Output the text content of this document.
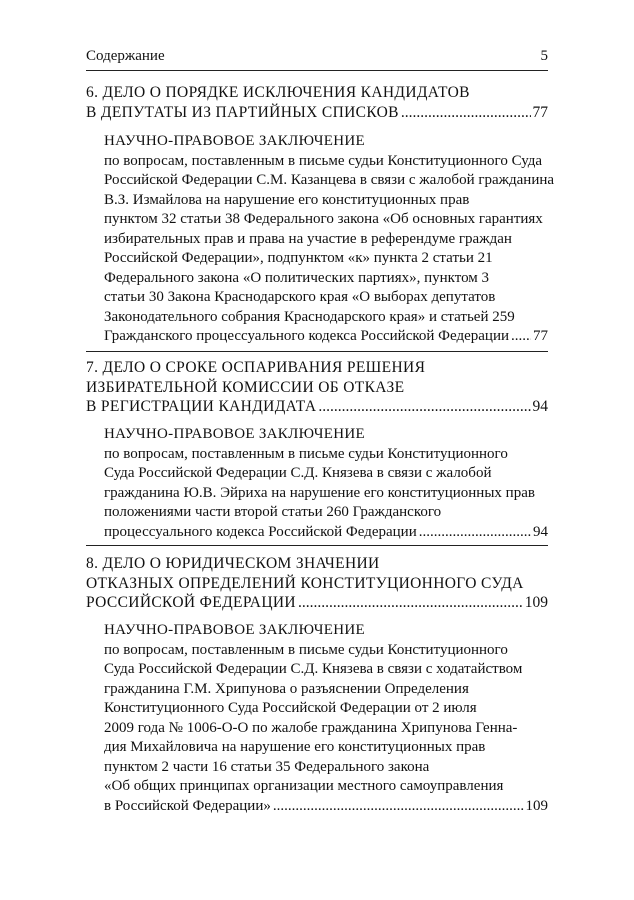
Содержание	5
6. ДЕЛО О ПОРЯДКЕ ИСКЛЮЧЕНИЯ КАНДИДАТОВ
В ДЕПУТАТЫ ИЗ ПАРТИЙНЫХ СПИСКОВ .....	77
НАУЧНО-ПРАВОВОЕ ЗАКЛЮЧЕНИЕ
по вопросам, поставленным в письме судьи Конституционного Суда
Российской Федерации С.М. Казанцева в связи с жалобой гражданина
В.З. Измайлова на нарушение его конституционных прав
пунктом 32 статьи 38 Федерального закона «Об основных гарантиях
избирательных прав и права на участие в референдуме граждан
Российской Федерации», подпунктом «к» пункта 2 статьи 21
Федерального закона «О политических партиях», пунктом 3
статьи 30 Закона Краснодарского края «О выборах депутатов
Законодательного собрания Краснодарского края» и статьей 259
Гражданского процессуального кодекса Российской Федерации ..... 77
7. ДЕЛО О СРОКЕ ОСПАРИВАНИЯ РЕШЕНИЯ
ИЗБИРАТЕЛЬНОЙ КОМИССИИ ОБ ОТКАЗЕ
В РЕГИСТРАЦИИ КАНДИДАТА .....	94
НАУЧНО-ПРАВОВОЕ ЗАКЛЮЧЕНИЕ
по вопросам, поставленным в письме судьи Конституционного
Суда Российской Федерации С.Д. Князева в связи с жалобой
гражданина Ю.В. Эйриха на нарушение его конституционных прав
положениями части второй статьи 260 Гражданского
процессуального кодекса Российской Федерации .....	94
8. ДЕЛО О ЮРИДИЧЕСКОМ ЗНАЧЕНИИ
ОТКАЗНЫХ ОПРЕДЕЛЕНИЙ КОНСТИТУЦИОННОГО СУДА
РОССИЙСКОЙ ФЕДЕРАЦИИ .....	109
НАУЧНО-ПРАВОВОЕ ЗАКЛЮЧЕНИЕ
по вопросам, поставленным в письме судьи Конституционного
Суда Российской Федерации С.Д. Князева в связи с ходатайством
гражданина Г.М. Хрипунова о разъяснении Определения
Конституционного Суда Российской Федерации от 2 июля
2009 года № 1006-О-О по жалобе гражданина Хрипунова Генна-
дия Михайловича на нарушение его конституционных прав
пунктом 2 части 16 статьи 35 Федерального закона
«Об общих принципах организации местного самоуправления
в Российской Федерации» .....	109
